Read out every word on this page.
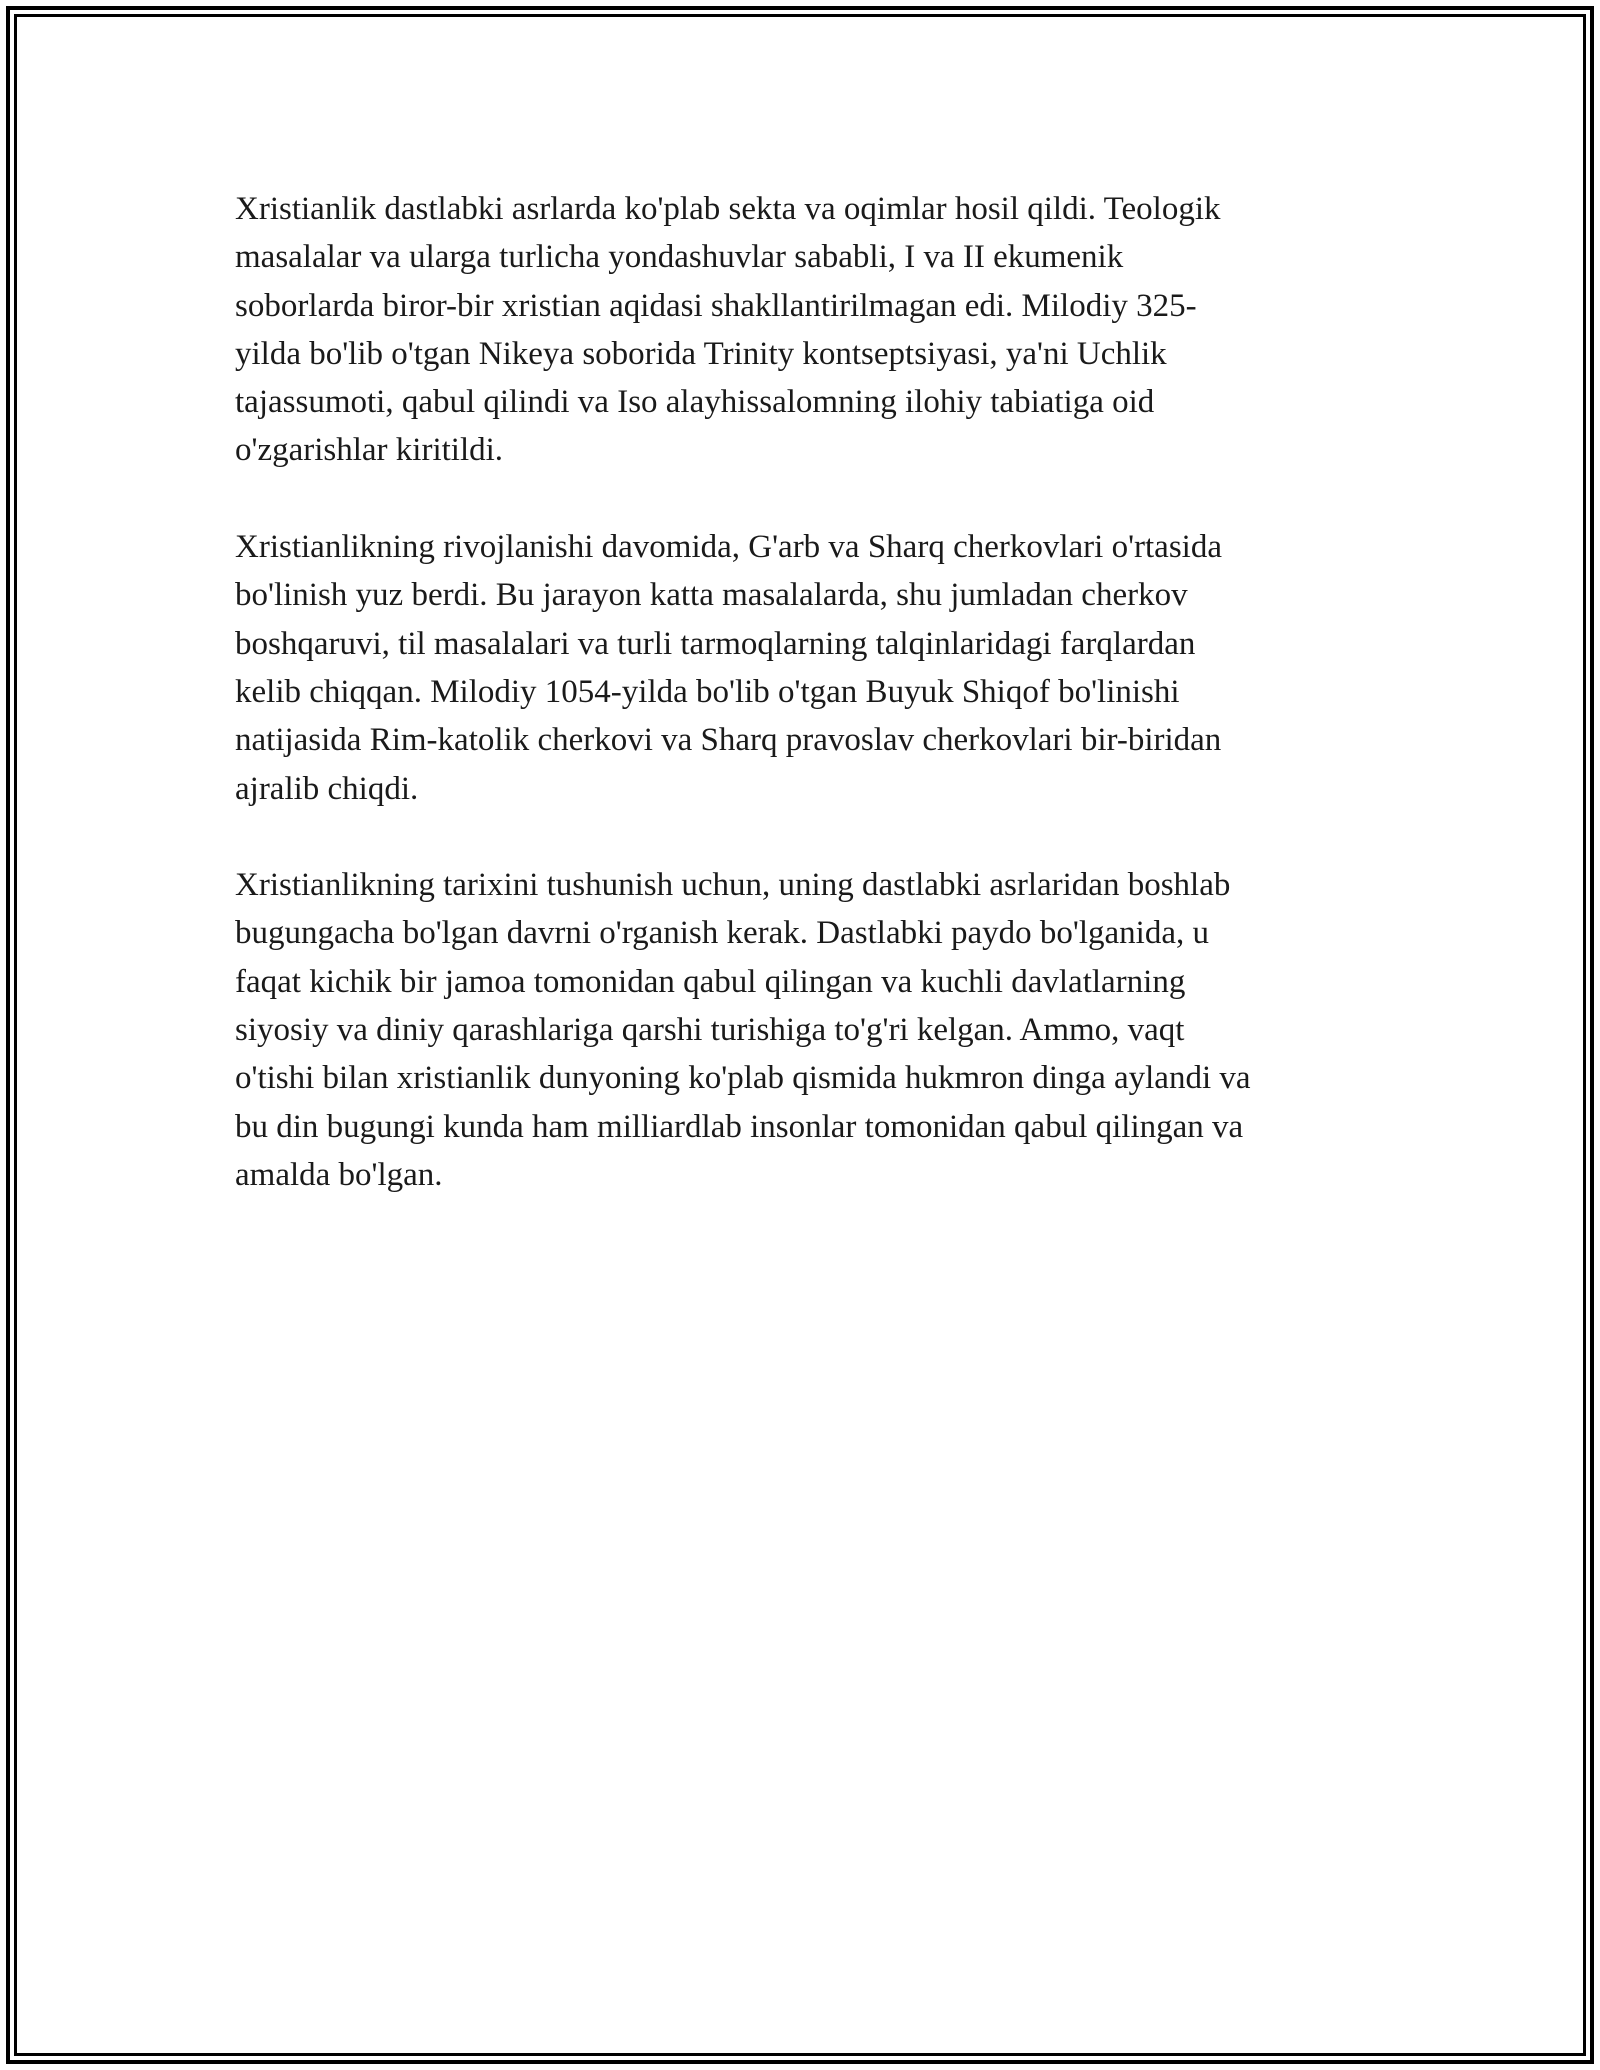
Xristianlik dastlabki asrlarda ko'plab sekta va oqimlar hosil qildi. Teologik
masalalar va ularga turlicha yondashuvlar sababli, I va II ekumenik
soborlarda biror-bir xristian aqidasi shakllantirilmagan edi. Milodiy 325-
yilda bo'lib o'tgan Nikeya soborida Trinity kontseptsiyasi, ya'ni Uchlik
tajassumoti, qabul qilindi va Iso alayhissalomning ilohiy tabiatiga oid
o'zgarishlar kiritildi.

Xristianlikning rivojlanishi davomida, G'arb va Sharq cherkovlari o'rtasida
bo'linish yuz berdi. Bu jarayon katta masalalarda, shu jumladan cherkov
boshqaruvi, til masalalari va turli tarmoqlarning talqinlaridagi farqlardan
kelib chiqqan. Milodiy 1054-yilda bo'lib o'tgan Buyuk Shiqof bo'linishi
natijasida Rim-katolik cherkovi va Sharq pravoslav cherkovlari bir-biridan
ajralib chiqdi.

Xristianlikning tarixini tushunish uchun, uning dastlabki asrlaridan boshlab
bugungacha bo'lgan davrni o'rganish kerak. Dastlabki paydo bo'lganida, u
faqat kichik bir jamoa tomonidan qabul qilingan va kuchli davlatlarning
siyosiy va diniy qarashlariga qarshi turishiga to'g'ri kelgan. Ammo, vaqt
o'tishi bilan xristianlik dunyoning ko'plab qismida hukmron dinga aylandi va
bu din bugungi kunda ham milliardlab insonlar tomonidan qabul qilingan va
amalda bo'lgan.
